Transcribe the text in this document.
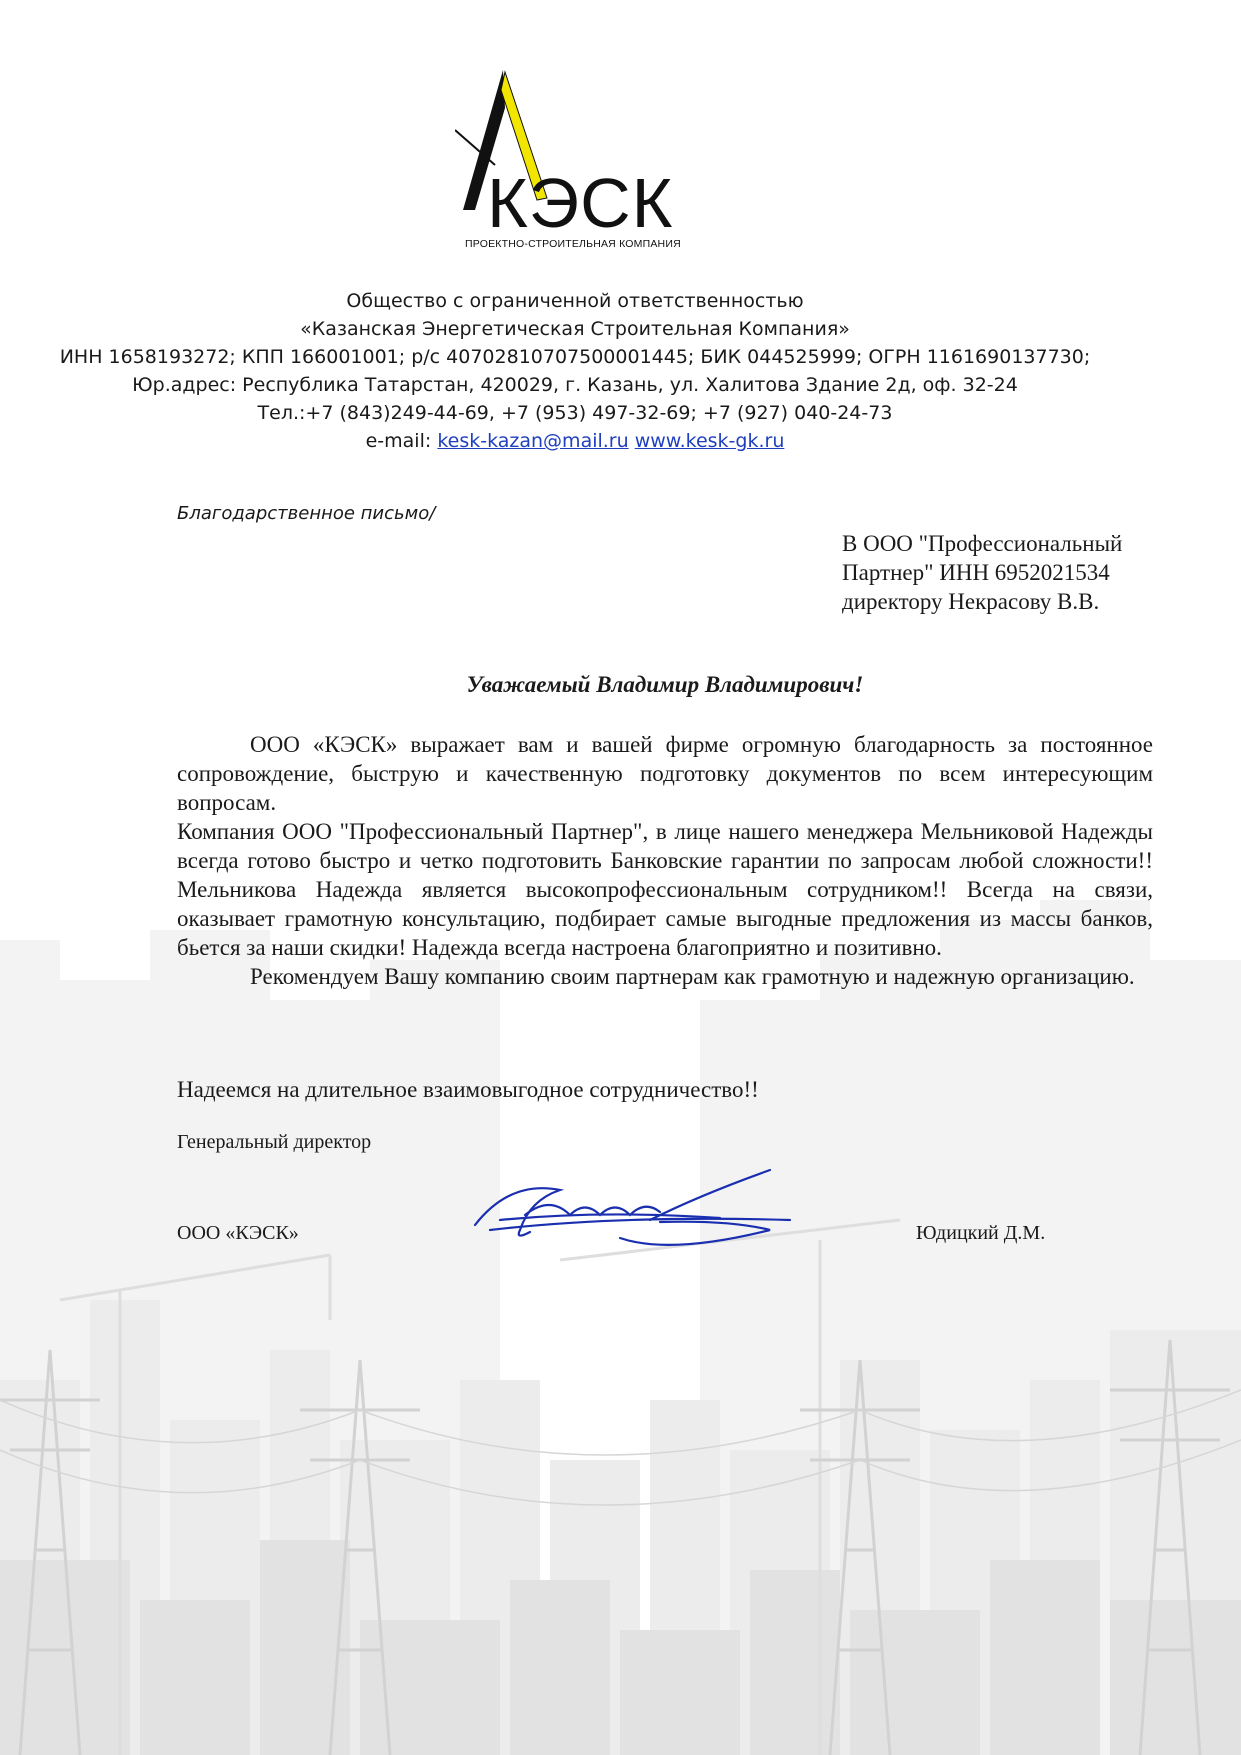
КЭСК
ПРОЕКТНО-СТРОИТЕЛЬНАЯ КОМПАНИЯ
Общество с ограниченной ответственностью
«Казанская Энергетическая Строительная Компания»
ИНН 1658193272; КПП 166001001; р/с 40702810707500001445; БИК 044525999; ОГРН 1161690137730;
Юр.адрес: Республика Татарстан, 420029, г. Казань, ул. Халитова Здание 2д, оф. 32-24
Тел.:+7 (843)249-44-69, +7 (953) 497-32-69; +7 (927) 040-24-73
e-mail: kesk-kazan@mail.ru www.kesk-gk.ru
Благодарственное письмо/
В ООО "Профессиональный
Партнер" ИНН 6952021534
директору Некрасову В.В.
Уважаемый Владимир Владимирович!

ООО «КЭСК» выражает вам и вашей фирме огромную благодарность за постоянное сопровождение, быструю и качественную подготовку документов по всем интересующим вопросам.

Компания ООО "Профессиональный Партнер", в лице нашего менеджера Мельниковой Надежды всегда готово быстро и четко подготовить Банковские гарантии по запросам любой сложности!! Мельникова Надежда является высокопрофессиональным сотрудником!! Всегда на связи, оказывает грамотную консультацию, подбирает самые выгодные предложения из массы банков, бьется за наши скидки! Надежда всегда настроена благоприятно и позитивно.

Рекомендуем Вашу компанию своим партнерам как грамотную и надежную организацию.

Надеемся на длительное взаимовыгодное сотрудничество!!
Генеральный директор
ООО «КЭСК»	Юдицкий Д.М.
